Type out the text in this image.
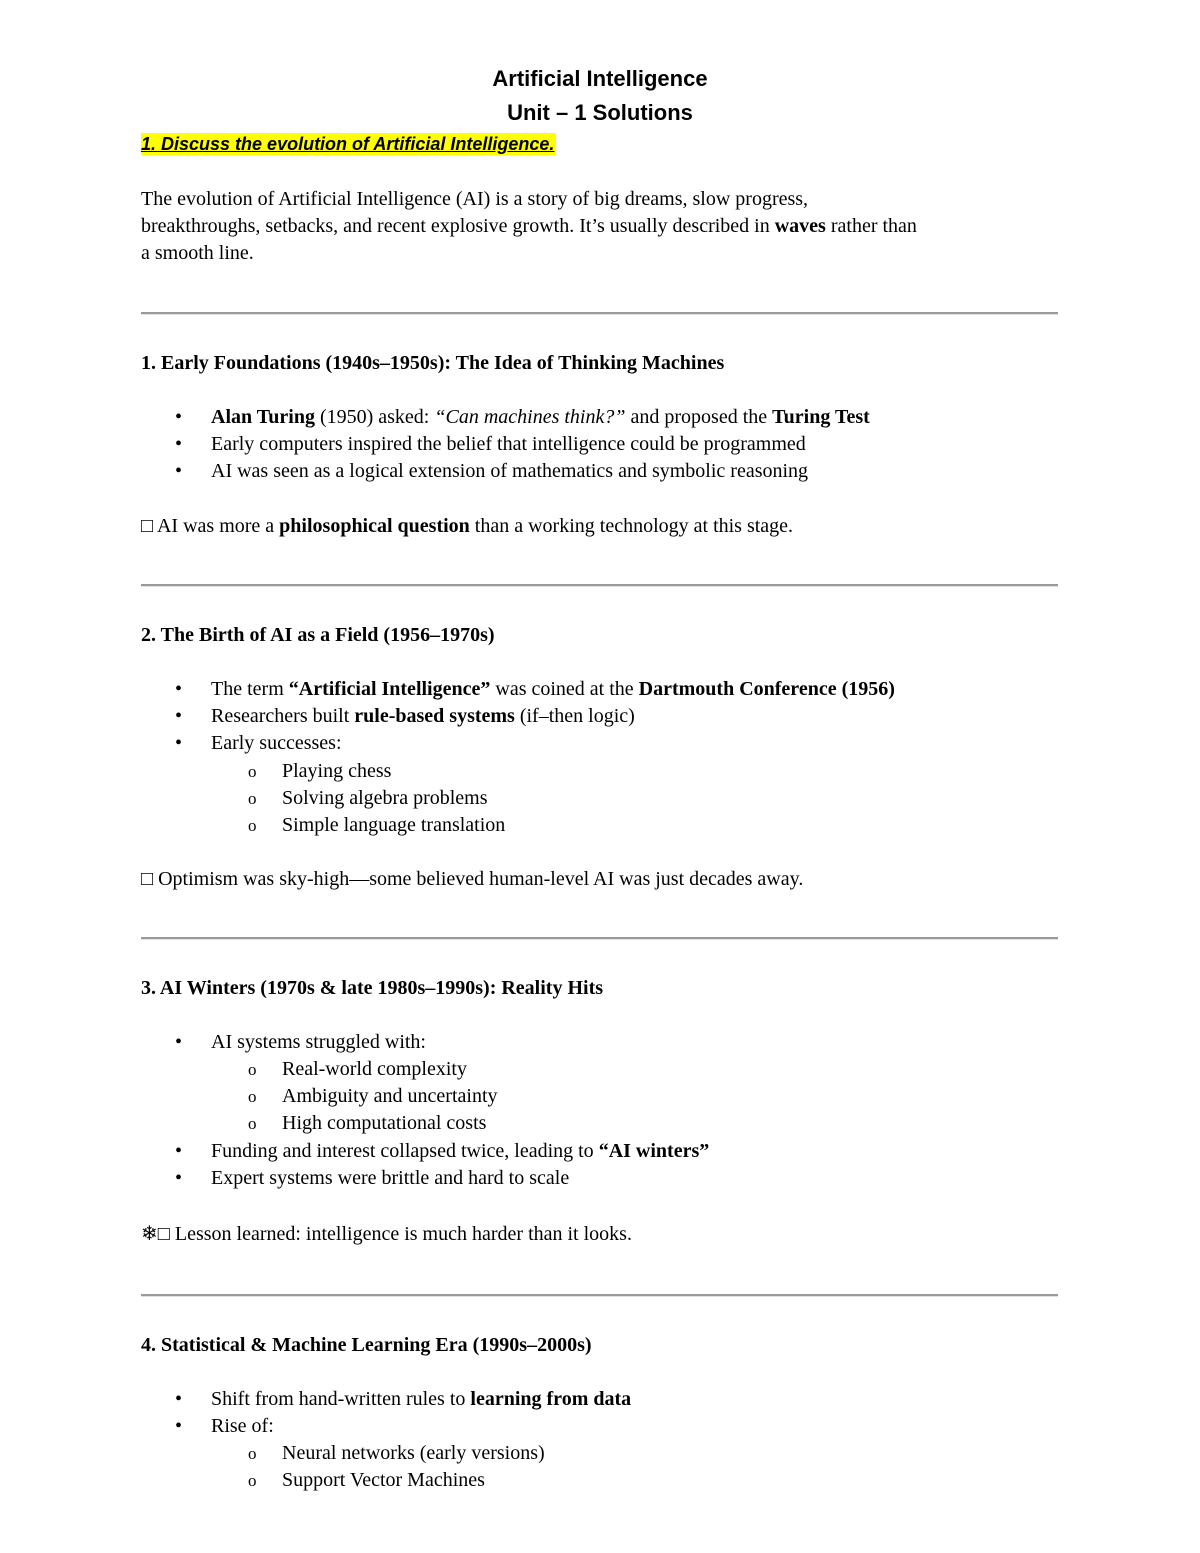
Artificial Intelligence
Unit – 1 Solutions
1. Discuss the evolution of Artificial Intelligence.
The evolution of Artificial Intelligence (AI) is a story of big dreams, slow progress,
breakthroughs, setbacks, and recent explosive growth. It’s usually described in waves rather than
a smooth line.
1. Early Foundations (1940s–1950s): The Idea of Thinking Machines
• Alan Turing (1950) asked: “Can machines think?” and proposed the Turing Test
• Early computers inspired the belief that intelligence could be programmed
• AI was seen as a logical extension of mathematics and symbolic reasoning
□ AI was more a philosophical question than a working technology at this stage.
2. The Birth of AI as a Field (1956–1970s)
• The term “Artificial Intelligence” was coined at the Dartmouth Conference (1956)
• Researchers built rule-based systems (if–then logic)
• Early successes:
o Playing chess
o Solving algebra problems
o Simple language translation
□ Optimism was sky-high—some believed human-level AI was just decades away.
3. AI Winters (1970s & late 1980s–1990s): Reality Hits
• AI systems struggled with:
o Real-world complexity
o Ambiguity and uncertainty
o High computational costs
• Funding and interest collapsed twice, leading to “AI winters”
• Expert systems were brittle and hard to scale
❄□ Lesson learned: intelligence is much harder than it looks.
4. Statistical & Machine Learning Era (1990s–2000s)
• Shift from hand-written rules to learning from data
• Rise of:
o Neural networks (early versions)
o Support Vector Machines
